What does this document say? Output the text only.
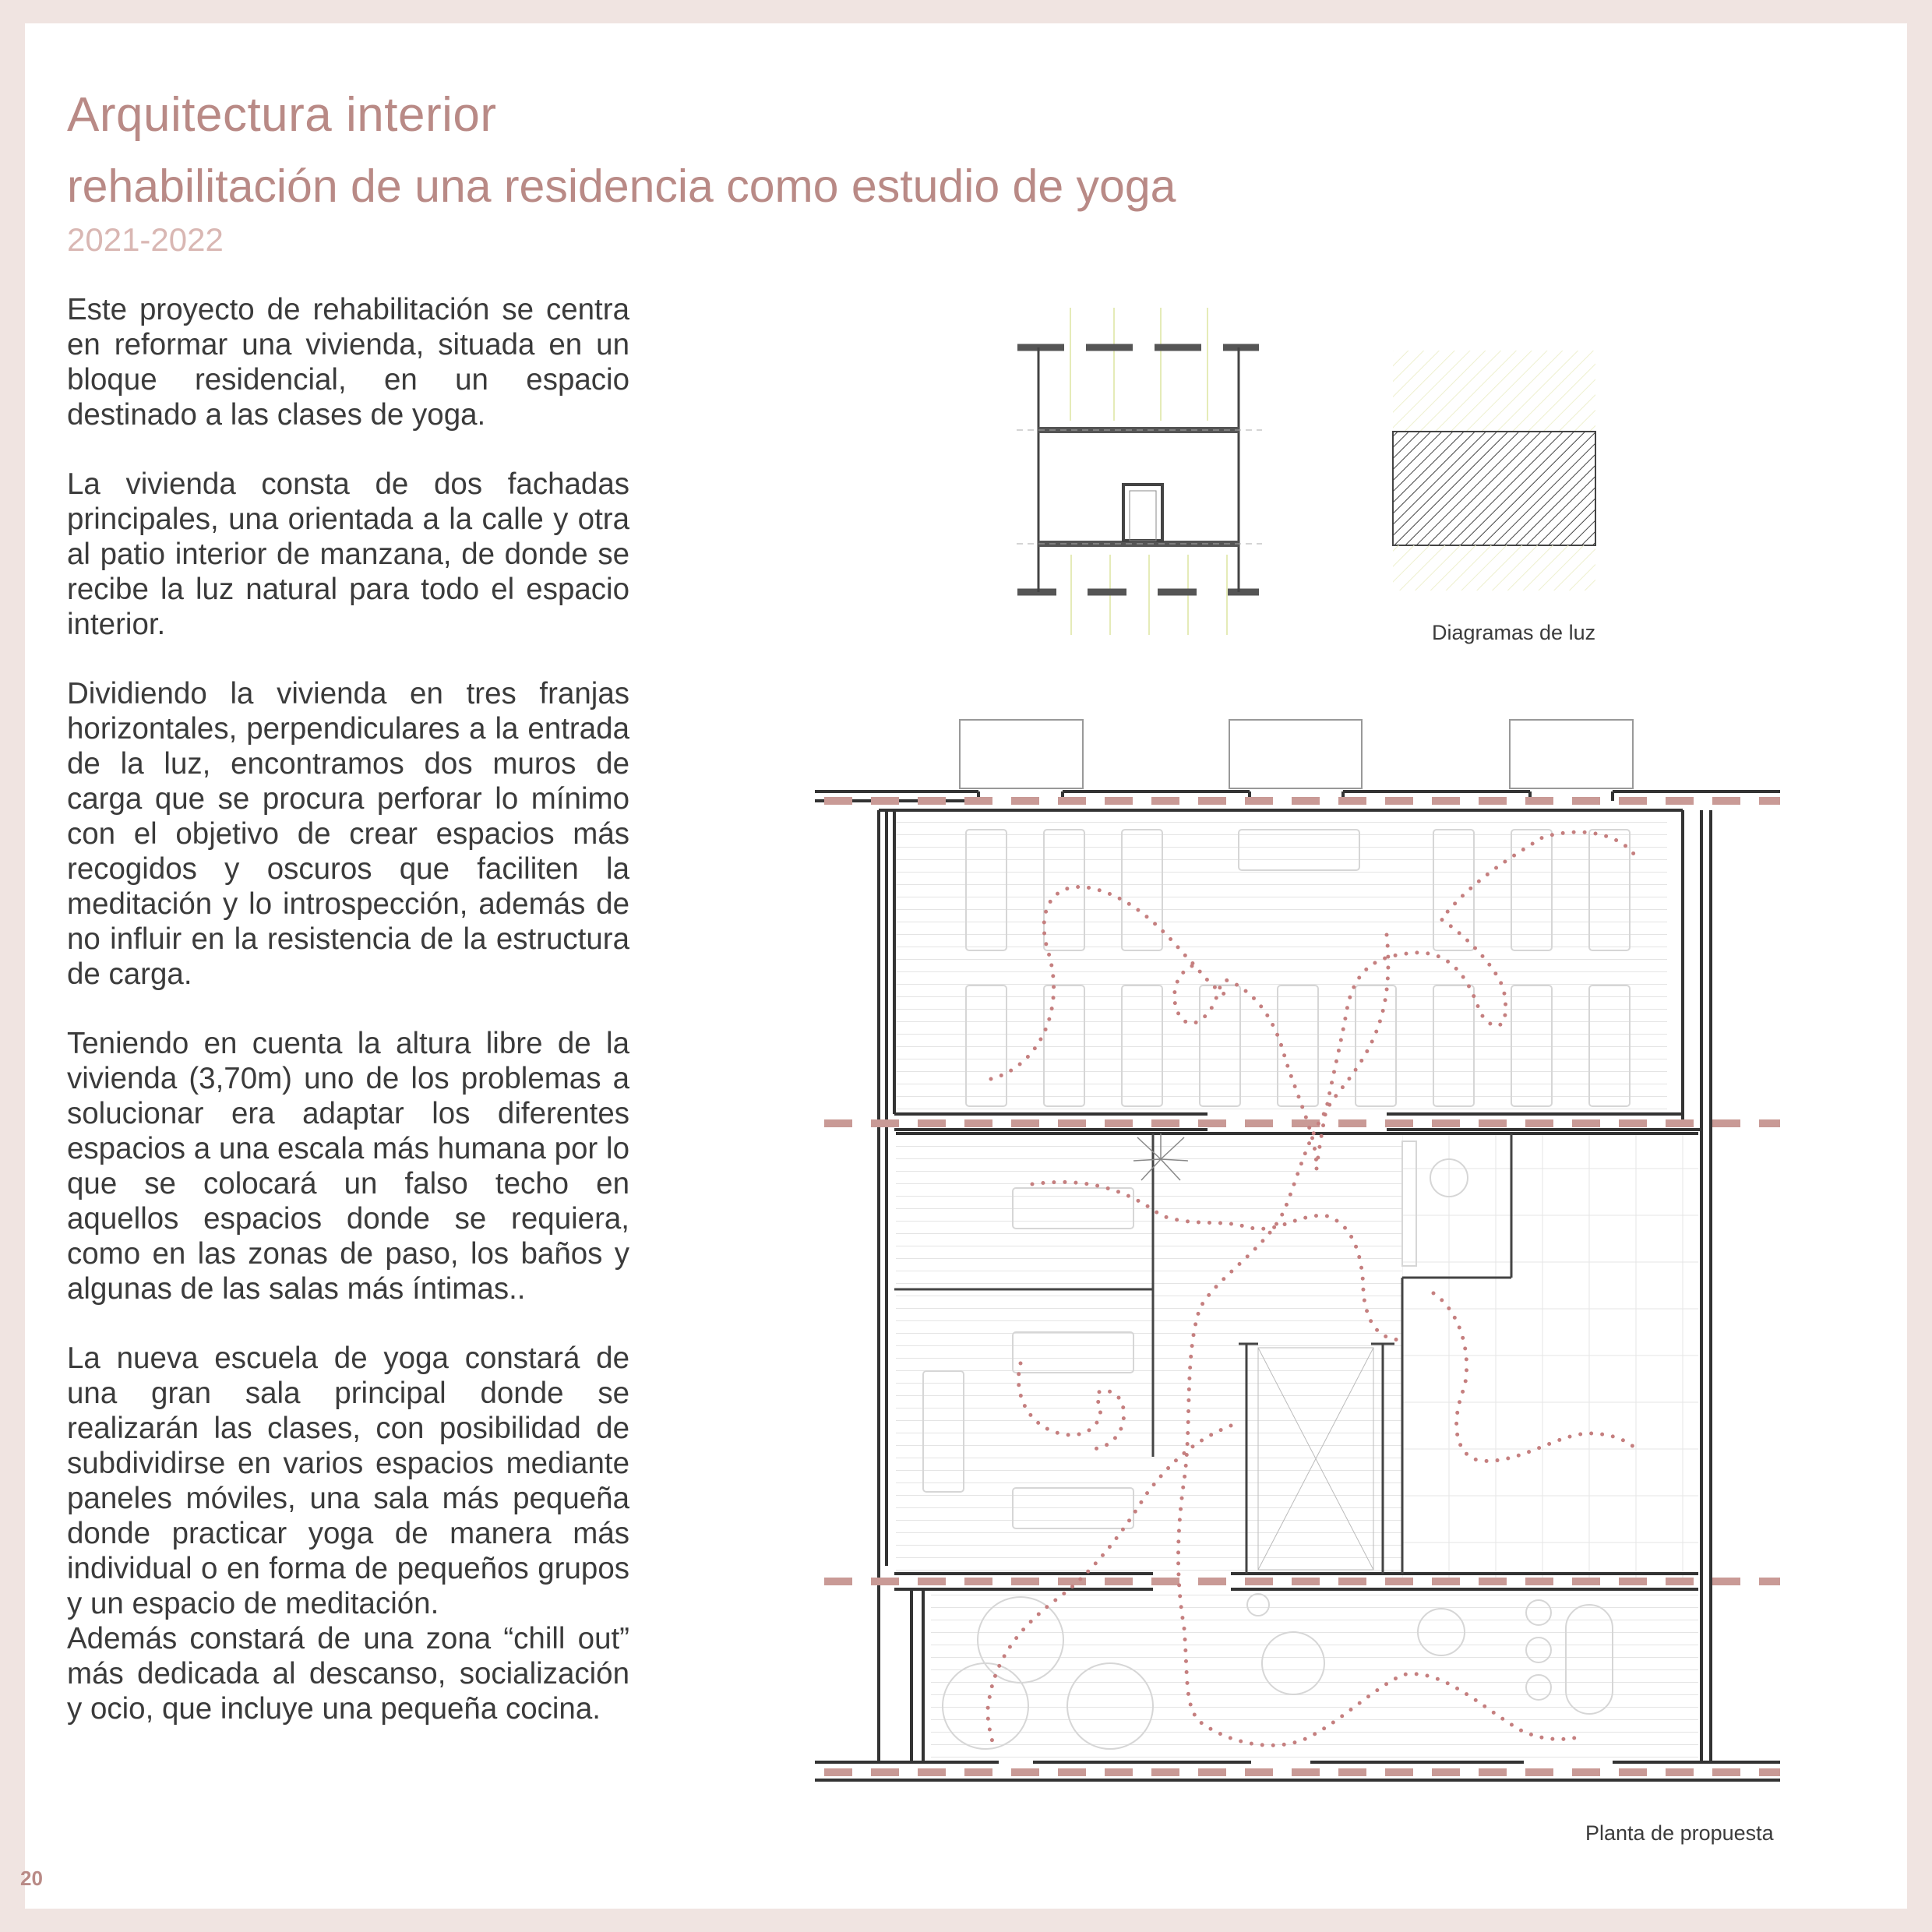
Arquitectura interior
rehabilitación de una residencia como estudio de yoga
2021-2022

Este proyecto de rehabilitación se centra en reformar una vivienda, situada en un bloque residencial, en un espacio destinado a las clases de yoga.

La vivienda consta de dos fachadas principales, una orientada a la calle y otra al patio interior de manzana, de donde se recibe la luz natural para todo el espacio interior.

Dividiendo la vivienda en tres franjas horizontales, perpendiculares a la entrada de la luz, encontramos dos muros de carga que se procura perforar lo mínimo con el objetivo de crear espacios más recogidos y oscuros que faciliten la meditación y lo introspección, además de no influir en la resistencia de la estructura de carga.

Teniendo en cuenta la altura libre de la vivienda (3,70m) uno de los problemas a solucionar era adaptar los diferentes espacios a una escala más humana por lo que se colocará un falso techo en aquellos espacios donde se requiera, como en las zonas de paso, los baños y algunas de las salas más íntimas..

La nueva escuela de yoga constará de una gran sala principal donde se realizarán las clases, con posibilidad de subdividirse en varios espacios mediante paneles móviles, una sala más pequeña donde practicar yoga de manera más individual o en forma de pequeños grupos y un espacio de meditación.

Además constará de una zona “chill out” más dedicada al descanso, socialización y ocio, que incluye una pequeña cocina.

Diagramas de luz
Planta de propuesta
20
